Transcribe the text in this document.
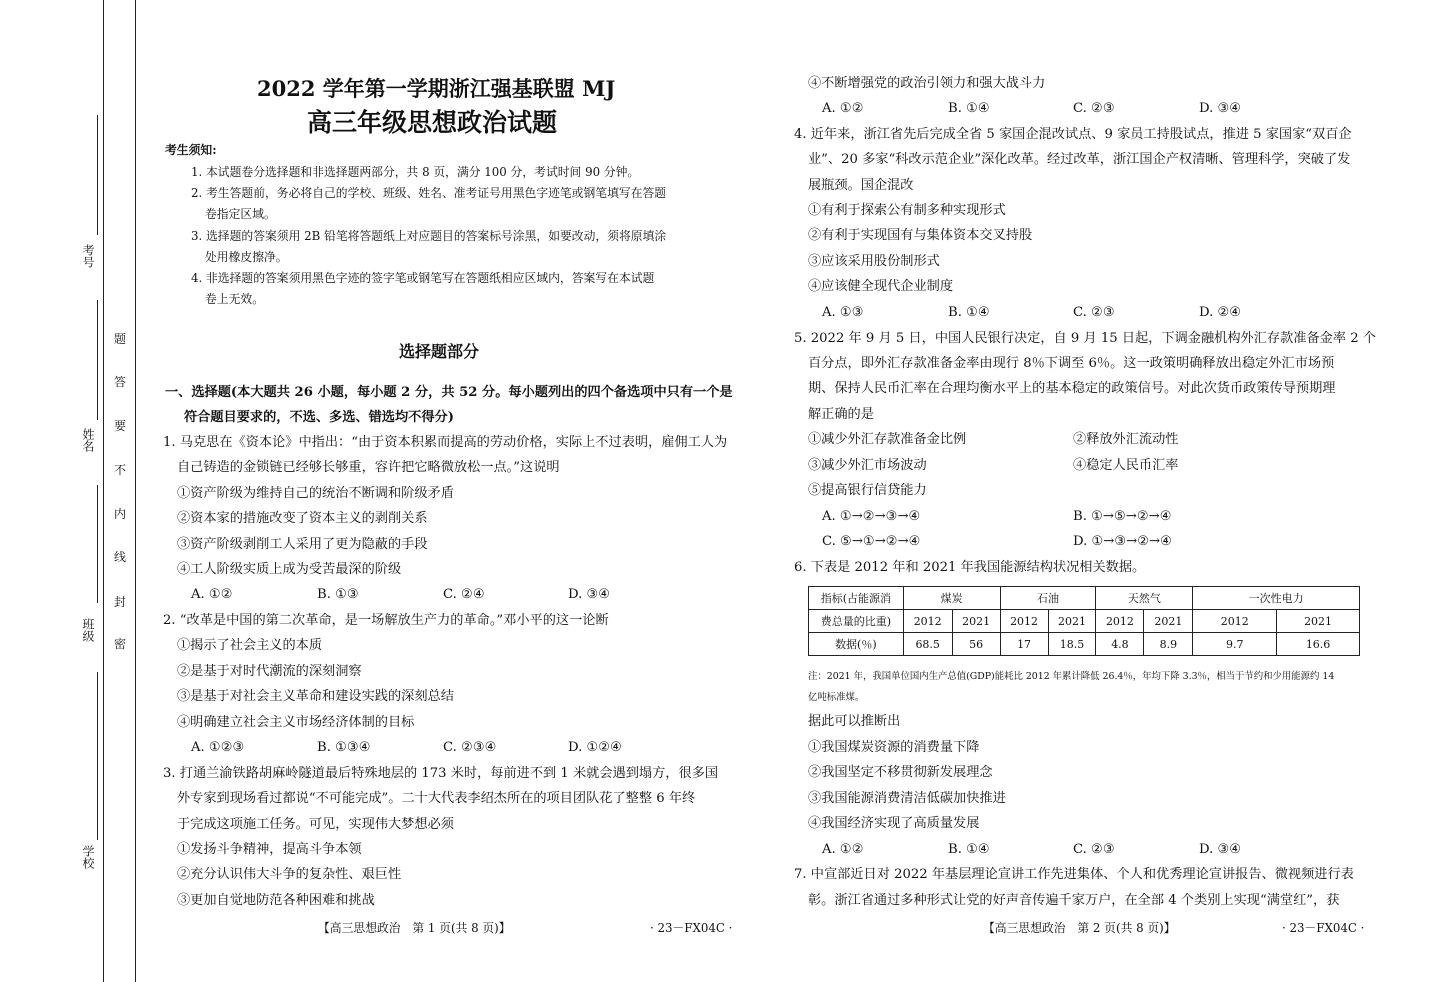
考号
姓名
班级
学校
题
答
要
不
内
线
封
密
2022 学年第一学期浙江强基联盟 MJ
高三年级思想政治试题
考生须知:
1. 本试题卷分选择题和非选择题两部分，共 8 页，满分 100 分，考试时间 90 分钟。
2. 考生答题前，务必将自己的学校、班级、姓名、准考证号用黑色字迹笔或钢笔填写在答题
卷指定区域。
3. 选择题的答案须用 2B 铅笔将答题纸上对应题目的答案标号涂黑，如要改动，须将原填涂
处用橡皮擦净。
4. 非选择题的答案须用黑色字迹的签字笔或钢笔写在答题纸相应区域内，答案写在本试题
卷上无效。
选择题部分
一、选择题(本大题共 26 小题，每小题 2 分，共 52 分。每小题列出的四个备选项中只有一个是
符合题目要求的，不选、多选、错选均不得分)
1. 马克思在《资本论》中指出：“由于资本积累而提高的劳动价格，实际上不过表明，雇佣工人为
自己铸造的金锁链已经够长够重，容许把它略微放松一点。”这说明
①资产阶级为维持自己的统治不断调和阶级矛盾
②资本家的措施改变了资本主义的剥削关系
③资产阶级剥削工人采用了更为隐蔽的手段
④工人阶级实质上成为受苦最深的阶级
A. ①②	B. ①③	C. ②④	D. ③④
2. “改革是中国的第二次革命，是一场解放生产力的革命。”邓小平的这一论断
①揭示了社会主义的本质
②是基于对时代潮流的深刻洞察
③是基于对社会主义革命和建设实践的深刻总结
④明确建立社会主义市场经济体制的目标
A. ①②③	B. ①③④	C. ②③④	D. ①②④
3. 打通兰渝铁路胡麻岭隧道最后特殊地层的 173 米时，每前进不到 1 米就会遇到塌方，很多国
外专家到现场看过都说“不可能完成”。二十大代表李绍杰所在的项目团队花了整整 6 年终
于完成这项施工任务。可见，实现伟大梦想必须
①发扬斗争精神，提高斗争本领
②充分认识伟大斗争的复杂性、艰巨性
③更加自觉地防范各种困难和挑战
【高三思想政治　第 1 页(共 8 页)】	· 23－FX04C ·
④不断增强党的政治引领力和强大战斗力
A. ①②	B. ①④	C. ②③	D. ③④
4. 近年来，浙江省先后完成全省 5 家国企混改试点、9 家员工持股试点，推进 5 家国家“双百企
业”、20 多家“科改示范企业”深化改革。经过改革，浙江国企产权清晰、管理科学，突破了发
展瓶颈。国企混改
①有利于探索公有制多种实现形式
②有利于实现国有与集体资本交叉持股
③应该采用股份制形式
④应该健全现代企业制度
A. ①③	B. ①④	C. ②③	D. ②④
5. 2022 年 9 月 5 日，中国人民银行决定，自 9 月 15 日起，下调金融机构外汇存款准备金率 2 个
百分点，即外汇存款准备金率由现行 8％下调至 6％。这一政策明确释放出稳定外汇市场预
期、保持人民币汇率在合理均衡水平上的基本稳定的政策信号。对此次货币政策传导预期理
解正确的是
①减少外汇存款准备金比例	②释放外汇流动性
③减少外汇市场波动	④稳定人民币汇率
⑤提高银行信贷能力
A. ①→②→③→④	B. ①→⑤→②→④
C. ⑤→①→②→④	D. ①→③→②→④
6. 下表是 2012 年和 2021 年我国能源结构状况相关数据。
指标(占能源消	煤炭		石油		天然气		一次性电力	
费总量的比重)	2012	2021	2012	2021	2012	2021	2012	2021
数据(％)	68.5	56	17	18.5	4.8	8.9	9.7	16.6
注：2021 年，我国单位国内生产总值(GDP)能耗比 2012 年累计降低 26.4％，年均下降 3.3％，相当于节约和少用能源约 14
亿吨标准煤。
据此可以推断出
①我国煤炭资源的消费量下降
②我国坚定不移贯彻新发展理念
③我国能源消费清洁低碳加快推进
④我国经济实现了高质量发展
A. ①②	B. ①④	C. ②③	D. ③④
7. 中宣部近日对 2022 年基层理论宣讲工作先进集体、个人和优秀理论宣讲报告、微视频进行表
彰。浙江省通过多种形式让党的好声音传遍千家万户，在全部 4 个类别上实现“满堂红”，获
【高三思想政治　第 2 页(共 8 页)】	· 23－FX04C ·
